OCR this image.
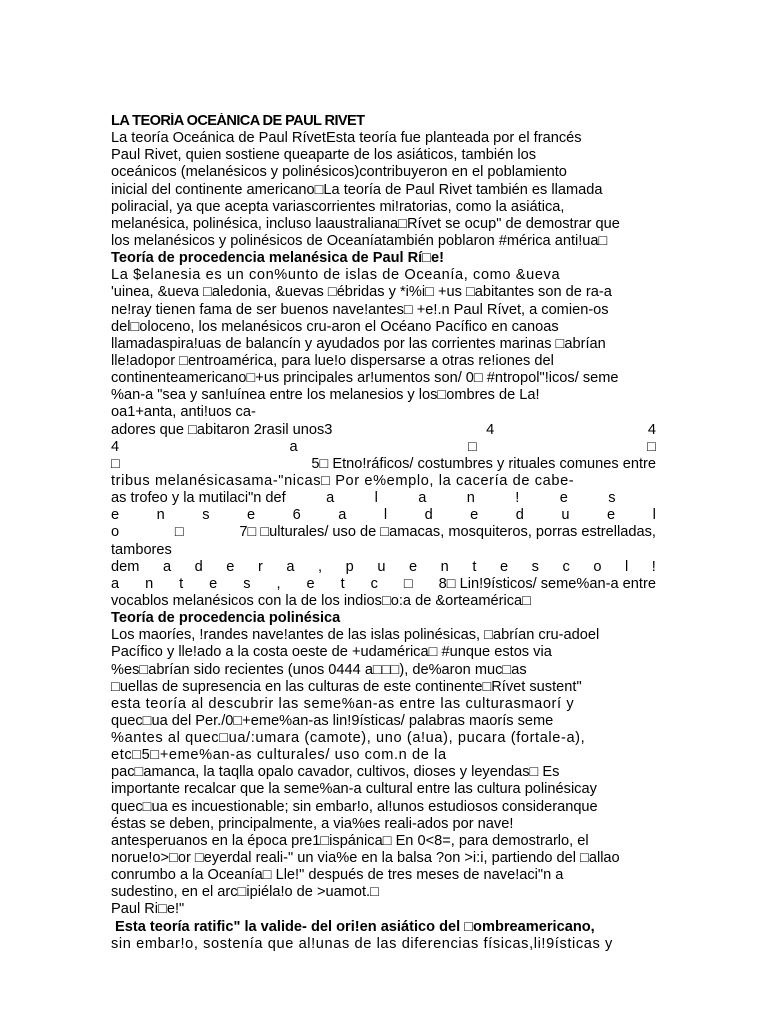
LA TEORÍA OCEÁNICA DE PAUL RIVET
La teoría Oceánica de Paul RívetEsta teoría fue planteada por el francés
Paul Rivet, quien sostiene queaparte de los asiáticos, también los
oceánicos (melanésicos y polinésicos)contribuyeron en el poblamiento
inicial del continente americano□La teoría de Paul Rivet también es llamada
poliracial, ya que acepta variascorrientes mi!ratorias, como la asiática,
melanésica, polinésica, incluso laaustraliana□Rívet se ocup" de demostrar que
los melanésicos y polinésicos de Oceaníatambién poblaron #mérica anti!ua□
Teoría de procedencia melanésica de Paul Rí□e!
La $elanesia es un con%unto de islas de Oceanía, como &ueva
'uinea, &ueva □aledonia, &uevas □ébridas y *i%i□ +us □abitantes son de ra-a
ne!ray tienen fama de ser buenos nave!antes□ +e!.n Paul Rívet, a comien-os
del□oloceno, los melanésicos cru-aron el Océano Pacífico en canoas
llamadaspira!uas de balancín y ayudados por las corrientes marinas □abrían
lle!adopor □entroamérica, para lue!o dispersarse a otras re!iones del
continenteamericano□+us principales ar!umentos son/ 0□ #ntropol"!icos/ seme
%an-a "sea y san!uínea entre los melanesios y los□ombres de La!
oa1+anta, anti!uos ca-
adores que □abitaron 2rasil unos3	4	4
4	a	□	□
□	5□ Etno!ráficos/ costumbres y rituales comunes entre
tribus melanésicasama-"nicas□ Por e%emplo, la cacería de cabe-
as trofeo y la mutilaci"n def	a	l	a	n	!	e	s
e	n	s	e	6	a	l	d	e	d	u	e	l
o	□	7□ □ulturales/ uso de □amacas, mosquiteros, porras estrelladas,
tambores
dem a d e r a , p u e n t e s c o l !
a n t e s , e t c □ 8□ Lin!9ísticos/ seme%an-a entre
vocablos melanésicos con la de los indios□o:a de &orteamérica□
Teoría de procedencia polinésica
Los maoríes, !randes nave!antes de las islas polinésicas, □abrían cru-adoel
Pacífico y lle!ado a la costa oeste de +udamérica□ #unque estos via
%es□abrían sido recientes (unos 0444 a□□□), de%aron muc□as
□uellas de supresencia en las culturas de este continente□Rívet sustent"
esta teoría al descubrir las seme%an-as entre las culturasmaorí y
quec□ua del Per./0□+eme%an-as lin!9ísticas/ palabras maorís seme
%antes al quec□ua/:umara (camote), uno (a!ua), pucara (fortale-a),
etc□5□+eme%an-as culturales/ uso com.n de la
pac□amanca, la taqlla opalo cavador, cultivos, dioses y leyendas□ Es
importante recalcar que la seme%an-a cultural entre las cultura polinésicay
quec□ua es incuestionable; sin embar!o, al!unos estudiosos consideranque
éstas se deben, principalmente, a via%es reali-ados por nave!
antesperuanos en la época pre1□ispánica□ En 0<8=, para demostrarlo, el
norue!o>□or □eyerdal reali-" un via%e en la balsa ?on >i:i, partiendo del □allao
conrumbo a la Oceanía□ Lle!" después de tres meses de nave!aci"n a
sudestino, en el arc□ipiéla!o de >uamot.□
Paul Ri□e!"
Esta teoría ratific" la valide- del ori!en asiático del □ombreamericano,
sin embar!o, sostenía que al!unas de las diferencias físicas,li!9ísticas y
